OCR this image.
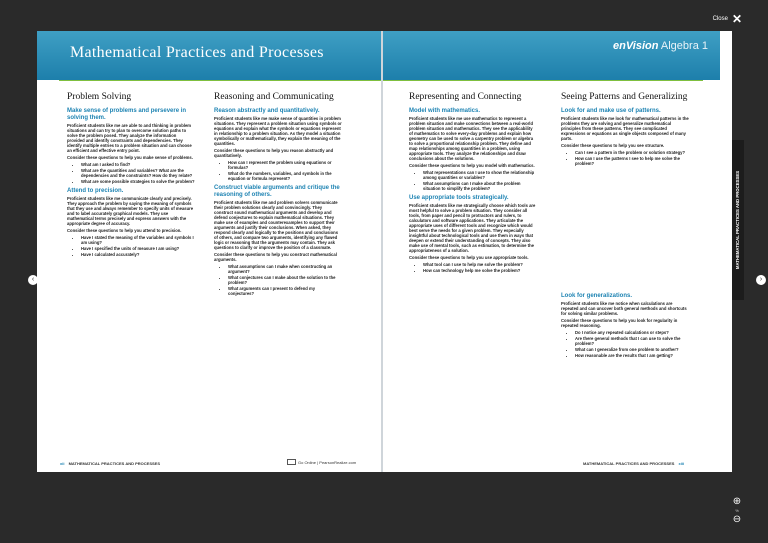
Close ✕
‹	›
Mathematical Practices and Processes
Problem Solving
Make sense of problems and persevere in solving them.

Proficient students like me are able to and thinking in problem situations and can try to plan to overcome solution paths to solve the problem posed. They analyze the information provided and identify constraints and dependencies. They identify multiple entries to a problem situation and can choose an efficient and effective entry point.

Consider these questions to help you make sense of problems.

• What am I asked to find?
• What are the quantities and variables? What are the dependencies and the constraints? How do they relate?
• What are some possible strategies to solve the problem?
Attend to precision.

Proficient students like me communicate clearly and precisely. They approach the problem by saying the meaning of symbols that they use and always remember to specify units of measure and to label accurately graphical models. They use mathematical terms precisely and express answers with the appropriate degree of accuracy.

Consider these questions to help you attend to precision.

• Have I stated the meaning of the variables and symbols I am using?
• Have I specified the units of measure I am using?
• Have I calculated accurately?
Reasoning and Communicating
Reason abstractly and quantitatively.

Proficient students like me make sense of quantities in problem situations. They represent a problem situation using symbols or equations and explain what the symbols or equations represent in relationship to a problem situation. As they model a situation symbolically or mathematically, they explain the meaning of the quantities.

Consider these questions to help you reason abstractly and quantitatively.

• How can I represent the problem using equations or formulas?
• What do the numbers, variables, and symbols in the equation or formula represent?
Construct viable arguments and critique the reasoning of others.

Proficient students like me and problem solvers communicate their problem solutions clearly and convincingly. They construct sound mathematical arguments and develop and defend conjectures to explain mathematical situations. They make use of examples and counterexamples to support their arguments and justify their conclusions. When asked, they respond clearly and logically to the positions and conclusions of others, and compare two arguments, identifying any flawed logic or reasoning that the arguments may contain. They ask questions to clarify or improve the position of a classmate.

Consider these questions to help you construct mathematical arguments.

• What assumptions can I make when constructing an argument?
• What conjectures can I make about the solution to the problem?
• What arguments can I present to defend my conjectures?
xii MATHEMATICAL PRACTICES AND PROCESSES	Go Online | PearsonRealize.com
enVision Algebra 1
Representing and Connecting
Model with mathematics.

Proficient students like me use mathematics to represent a problem situation and make connections between a real-world problem situation and mathematics. They see the applicability of mathematics to solve every-day problems and explain how geometry can be used to solve a carpentry problem or algebra to solve a proportional relationship problem. They define and map relationships among quantities in a problem, using appropriate tools. They analyze the relationships and draw conclusions about the solutions.

Consider these questions to help you model with mathematics.

• What representations can I use to show the relationship among quantities or variables?
• What assumptions can I make about the problem situation to simplify the problem?
Use appropriate tools strategically.

Proficient students like me strategically choose which tools are most helpful to solve a problem situation. They consider all tools, from paper and pencil to protractors and rulers, to calculators and software applications. They articulate the appropriate uses of different tools and recognize which would best serve the needs for a given problem. They especially insightful about technological tools and use them in ways that deepen or extend their understanding of concepts. They also make use of mental tools, such as estimation, to determine the appropriateness of a solution.

Consider these questions to help you use appropriate tools.

• What tool can I use to help me solve the problem?
• How can technology help me solve the problem?
Seeing Patterns and Generalizing
Look for and make use of patterns.

Proficient students like me look for mathematical patterns in the problems they are solving and generalize mathematical principles from these patterns. They see complicated expressions or equations as single objects composed of many parts.

Consider these questions to help you see structure.

• Can I see a pattern in the problem or solution strategy?
• How can I use the patterns I see to help me solve the problem?
Look for generalizations.

Proficient students like me notice when calculations are repeated and can uncover both general methods and shortcuts for solving similar problems.

Consider these questions to help you look for regularity in repeated reasoning.

• Do I notice any repeated calculations or steps?
• Are there general methods that I can use to solve the problem?
• What can I generalize from one problem to another?
• How reasonable are the results that I am getting?
MATHEMATICAL PRACTICES AND PROCESSES xiii
MATHEMATICAL PRACTICES AND PROCESSES
⊕
%
⊖
